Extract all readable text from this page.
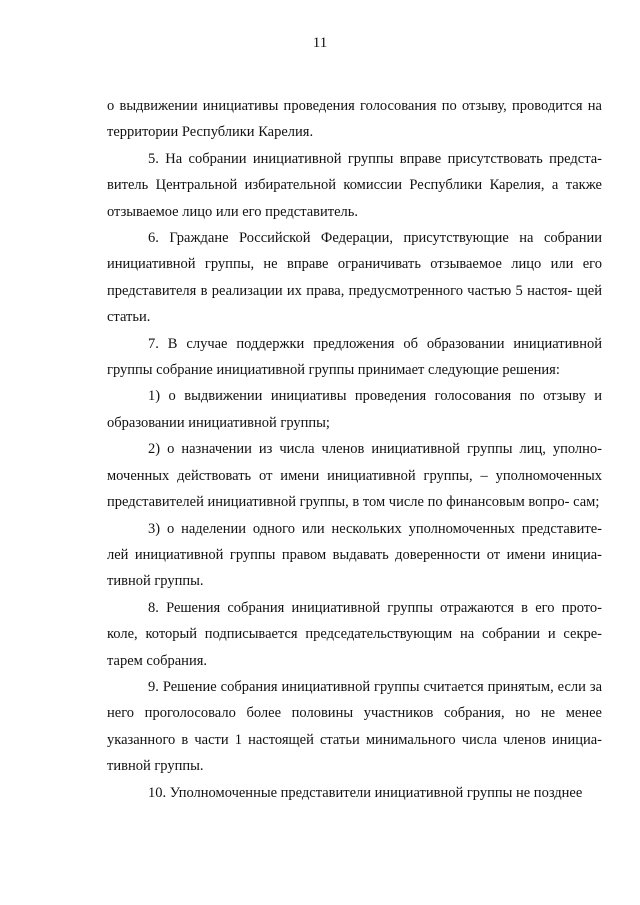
11

о выдвижении инициативы проведения голосования по отзыву, проводится на территории Республики Карелия.

5. На собрании инициативной группы вправе присутствовать предста- витель Центральной избирательной комиссии Республики Карелия, а также отзываемое лицо или его представитель.

6. Граждане Российской Федерации, присутствующие на собрании инициативной группы, не вправе ограничивать отзываемое лицо или его представителя в реализации их права, предусмотренного частью 5 настоя- щей статьи.

7. В случае поддержки предложения об образовании инициативной группы собрание инициативной группы принимает следующие решения:

1) о выдвижении инициативы проведения голосования по отзыву и образовании инициативной группы;

2) о назначении из числа членов инициативной группы лиц, уполно- моченных действовать от имени инициативной группы, – уполномоченных представителей инициативной группы, в том числе по финансовым вопро- сам;

3) о наделении одного или нескольких уполномоченных представите- лей инициативной группы правом выдавать доверенности от имени инициа- тивной группы.

8. Решения собрания инициативной группы отражаются в его прото- коле, который подписывается председательствующим на собрании и секре- тарем собрания.

9. Решение собрания инициативной группы считается принятым, если за него проголосовало более половины участников собрания, но не менее указанного в части 1 настоящей статьи минимального числа членов инициа- тивной группы.

10. Уполномоченные представители инициативной группы не позднее
